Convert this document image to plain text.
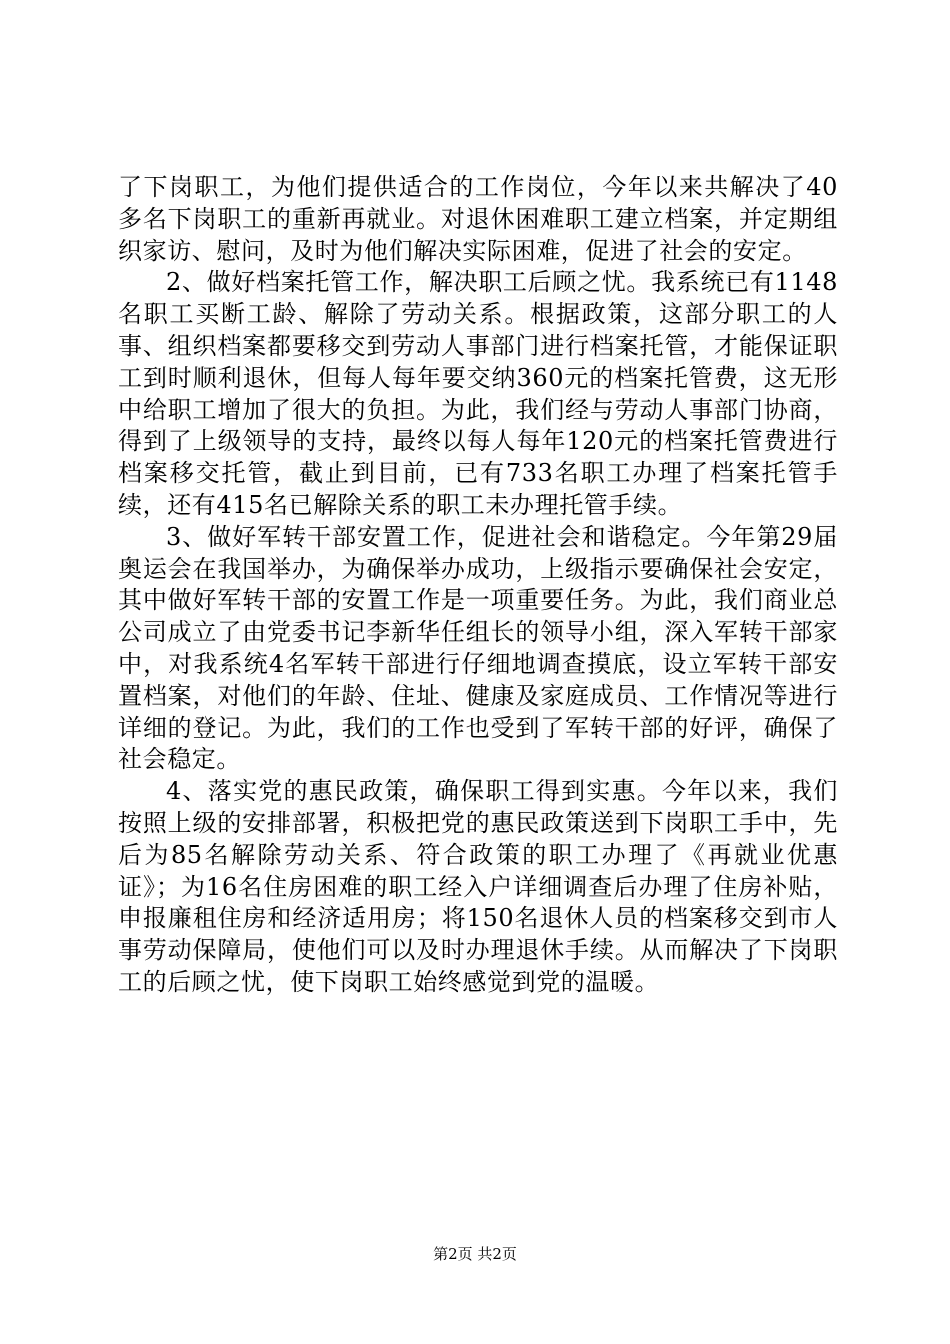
了下岗职工，为他们提供适合的工作岗位，今年以来共解决了40多名下岗职工的重新再就业。对退休困难职工建立档案，并定期组织家访、慰问，及时为他们解决实际困难，促进了社会的安定。

2、做好档案托管工作，解决职工后顾之忧。我系统已有1148名职工买断工龄、解除了劳动关系。根据政策，这部分职工的人事、组织档案都要移交到劳动人事部门进行档案托管，才能保证职工到时顺利退休，但每人每年要交纳360元的档案托管费，这无形中给职工增加了很大的负担。为此，我们经与劳动人事部门协商，得到了上级领导的支持，最终以每人每年120元的档案托管费进行档案移交托管，截止到目前，已有733名职工办理了档案托管手续，还有415名已解除关系的职工未办理托管手续。

3、做好军转干部安置工作，促进社会和谐稳定。今年第29届奥运会在我国举办，为确保举办成功，上级指示要确保社会安定，其中做好军转干部的安置工作是一项重要任务。为此，我们商业总公司成立了由党委书记李新华任组长的领导小组，深入军转干部家中，对我系统4名军转干部进行仔细地调查摸底，设立军转干部安置档案，对他们的年龄、住址、健康及家庭成员、工作情况等进行详细的登记。为此，我们的工作也受到了军转干部的好评，确保了社会稳定。

4、落实党的惠民政策，确保职工得到实惠。今年以来，我们按照上级的安排部署，积极把党的惠民政策送到下岗职工手中，先后为85名解除劳动关系、符合政策的职工办理了《再就业优惠证》；为16名住房困难的职工经入户详细调查后办理了住房补贴，申报廉租住房和经济适用房；将150名退休人员的档案移交到市人事劳动保障局，使他们可以及时办理退休手续。从而解决了下岗职工的后顾之忧，使下岗职工始终感觉到党的温暖。

第2页 共2页
